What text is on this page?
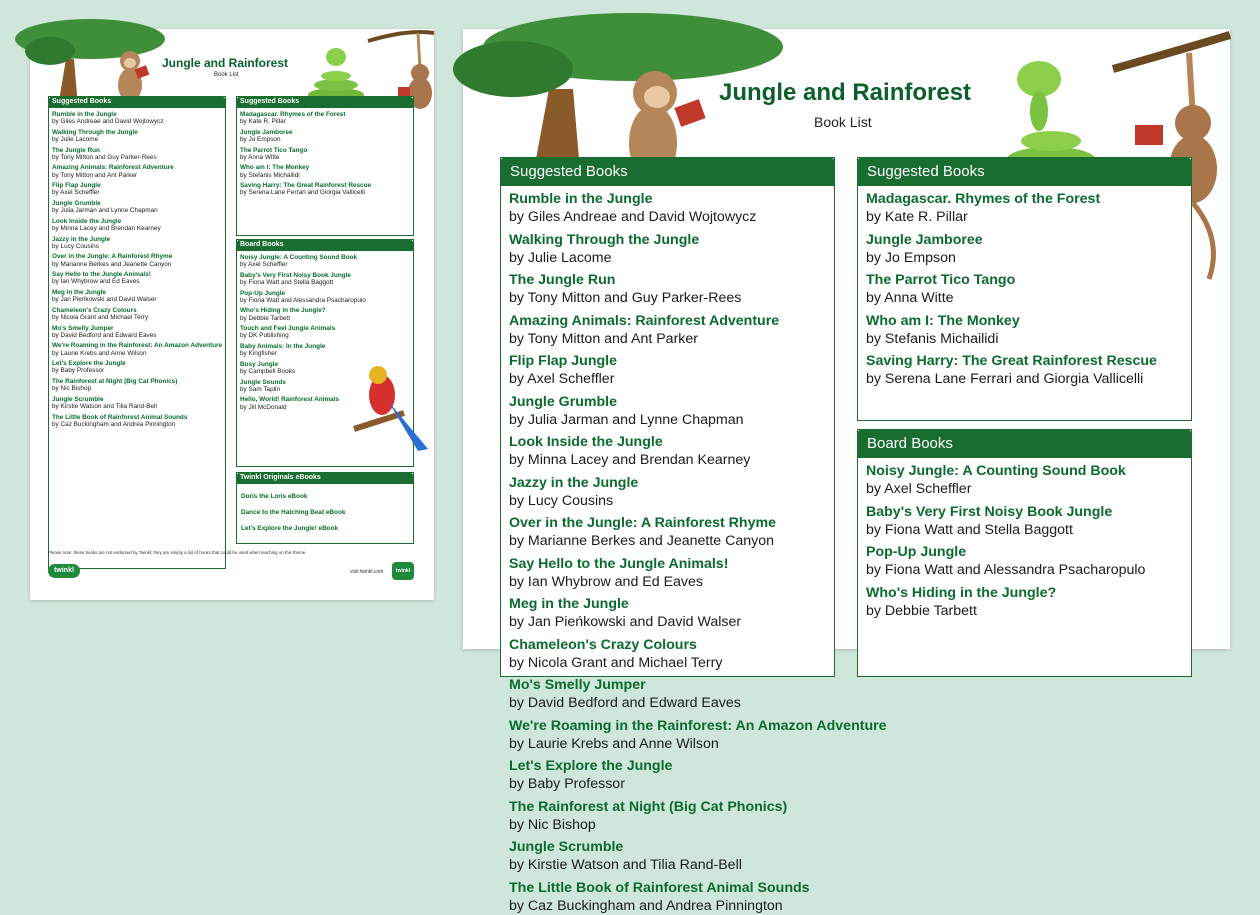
Jungle and Rainforest
Book List
Suggested Books
Rumble in the Jungle
by Giles Andreae and David Wojtowycz
Walking Through the Jungle
by Julie Lacome
The Jungle Run
by Tony Mitton and Guy Parker-Rees
Amazing Animals: Rainforest Adventure
by Tony Mitton and Ant Parker
Flip Flap Jungle
by Axel Scheffler
Jungle Grumble
by Julia Jarman and Lynne Chapman
Look Inside the Jungle
by Minna Lacey and Brendan Kearney
Jazzy in the Jungle
by Lucy Cousins
Over in the Jungle: A Rainforest Rhyme
by Marianne Berkes and Jeanette Canyon
Say Hello to the Jungle Animals!
by Ian Whybrow and Ed Eaves
Meg in the Jungle
by Jan Pieńkowski and David Walser
Chameleon's Crazy Colours
by Nicola Grant and Michael Terry
Mo's Smelly Jumper
by David Bedford and Edward Eaves
We're Roaming in the Rainforest: An Amazon Adventure
by Laurie Krebs and Anne Wilson
Let's Explore the Jungle
by Baby Professor
The Rainforest at Night (Big Cat Phonics)
by Nic Bishop
Jungle Scrumble
by Kirstie Watson and Tilia Rand-Bell
The Little Book of Rainforest Animal Sounds
by Caz Buckingham and Andrea Pinnington
Suggested Books
Madagascar. Rhymes of the Forest
by Kate R. Pillar
Jungle Jamboree
by Jo Empson
The Parrot Tico Tango
by Anna Witte
Who am I: The Monkey
by Stefanis Michailidi
Saving Harry: The Great Rainforest Rescue
by Serena Lane Ferrari and Giorgia Vallicelli
Board Books
Noisy Jungle: A Counting Sound Book
by Axel Scheffler
Baby's Very First Noisy Book Jungle
by Fiona Watt and Stella Baggott
Pop-Up Jungle
by Fiona Watt and Alessandra Psacharopulo
Who's Hiding in the Jungle?
by Debbie Tarbett
Touch and Feel Jungle Animals
by DK Publishing
Baby Animals: In the Jungle
by Kingfisher
Busy Jungle
by Campbell Books
Jungle Sounds
by Sam Taplin
Hello, World! Rainforest Animals
by Jill McDonald
Twinkl Originals eBooks
Doris the Loris eBook
Dance to the Hatching Beat eBook
Let's Explore the Jungle! eBook
Please note: these books are not endorsed by Twinkl; they are simply a list of books that could be used when teaching on this theme.
twinkl	visit twinkl.com	twinkl
Jungle and Rainforest
Book List
Suggested Books
Rumble in the Jungle
by Giles Andreae and David Wojtowycz
Walking Through the Jungle
by Julie Lacome
The Jungle Run
by Tony Mitton and Guy Parker-Rees
Amazing Animals: Rainforest Adventure
by Tony Mitton and Ant Parker
Flip Flap Jungle
by Axel Scheffler
Jungle Grumble
by Julia Jarman and Lynne Chapman
Look Inside the Jungle
by Minna Lacey and Brendan Kearney
Jazzy in the Jungle
by Lucy Cousins
Over in the Jungle: A Rainforest Rhyme
by Marianne Berkes and Jeanette Canyon
Say Hello to the Jungle Animals!
by Ian Whybrow and Ed Eaves
Meg in the Jungle
by Jan Pieńkowski and David Walser
Chameleon's Crazy Colours
by Nicola Grant and Michael Terry
Mo's Smelly Jumper
by David Bedford and Edward Eaves
We're Roaming in the Rainforest: An Amazon Adventure
by Laurie Krebs and Anne Wilson
Let's Explore the Jungle
by Baby Professor
The Rainforest at Night (Big Cat Phonics)
by Nic Bishop
Jungle Scrumble
by Kirstie Watson and Tilia Rand-Bell
The Little Book of Rainforest Animal Sounds
by Caz Buckingham and Andrea Pinnington
Suggested Books
Madagascar. Rhymes of the Forest
by Kate R. Pillar
Jungle Jamboree
by Jo Empson
The Parrot Tico Tango
by Anna Witte
Who am I: The Monkey
by Stefanis Michailidi
Saving Harry: The Great Rainforest Rescue
by Serena Lane Ferrari and Giorgia Vallicelli
Board Books
Noisy Jungle: A Counting Sound Book
by Axel Scheffler
Baby's Very First Noisy Book Jungle
by Fiona Watt and Stella Baggott
Pop-Up Jungle
by Fiona Watt and Alessandra Psacharopulo
Who's Hiding in the Jungle?
by Debbie Tarbett
